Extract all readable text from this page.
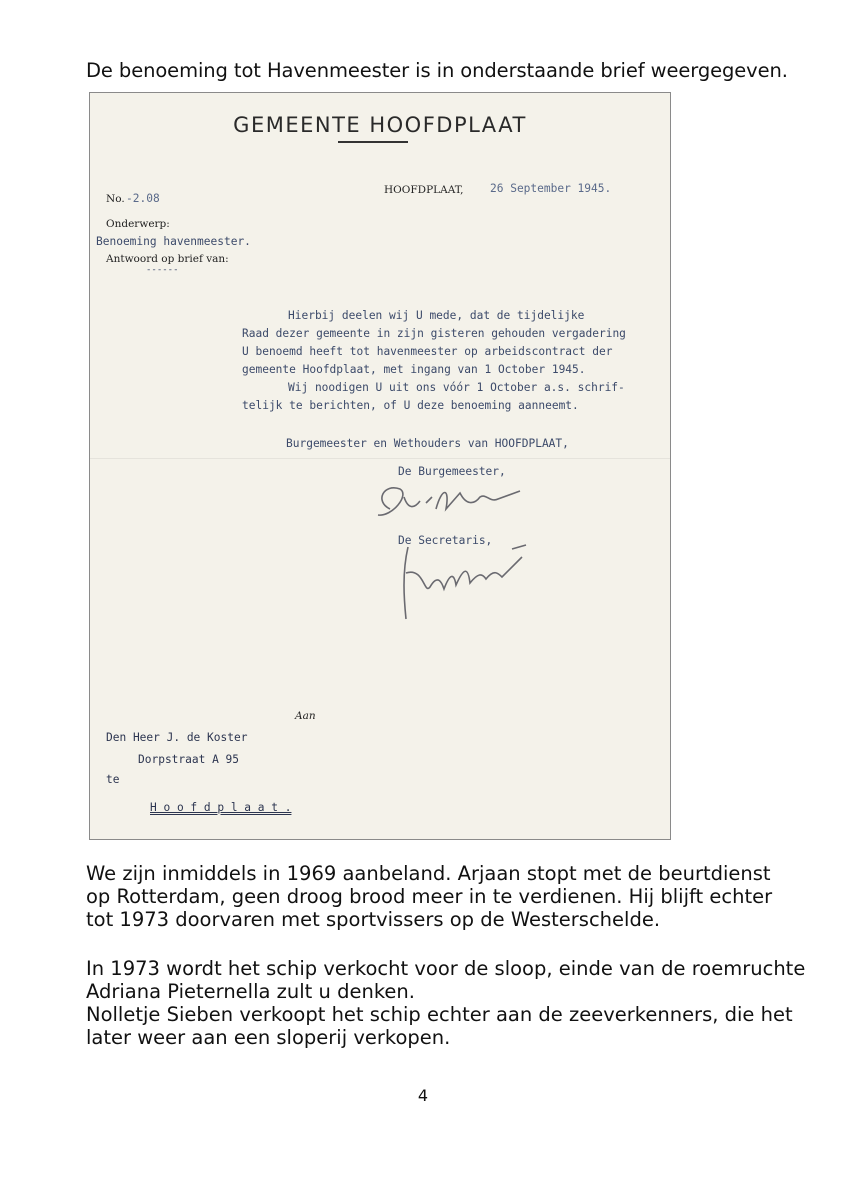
De benoeming tot Havenmeester is in onderstaande brief weergegeven.
GEMEENTE HOOFDPLAAT
No. -2.08
HOOFDPLAAT, 26 September 1945.
Onderwerp:
Benoeming havenmeester.
Antwoord op brief van:
------
Hierbij deelen wij U mede, dat de tijdelijke
Raad dezer gemeente in zijn gisteren gehouden vergadering
U benoemd heeft tot havenmeester op arbeidscontract der
gemeente Hoofdplaat, met ingang van 1 October 1945.
Wij noodigen U uit ons vóór 1 October a.s. schrif-
telijk te berichten, of U deze benoeming aanneemt.
Burgemeester en Wethouders van HOOFDPLAAT,
De Burgemeester,
De Secretaris,
Aan
Den Heer J. de Koster
Dorpstraat A 95
te
H o o f d p l a a t .
We zijn inmiddels in 1969 aanbeland. Arjaan stopt met de beurtdienst
op Rotterdam, geen droog brood meer in te verdienen. Hij blijft echter
tot 1973 doorvaren met sportvissers op de Westerschelde.
In 1973 wordt het schip verkocht voor de sloop, einde van de roemruchte
Adriana Pieternella zult u denken.
Nolletje Sieben verkoopt het schip echter aan de zeeverkenners, die het
later weer aan een sloperij verkopen.
4
